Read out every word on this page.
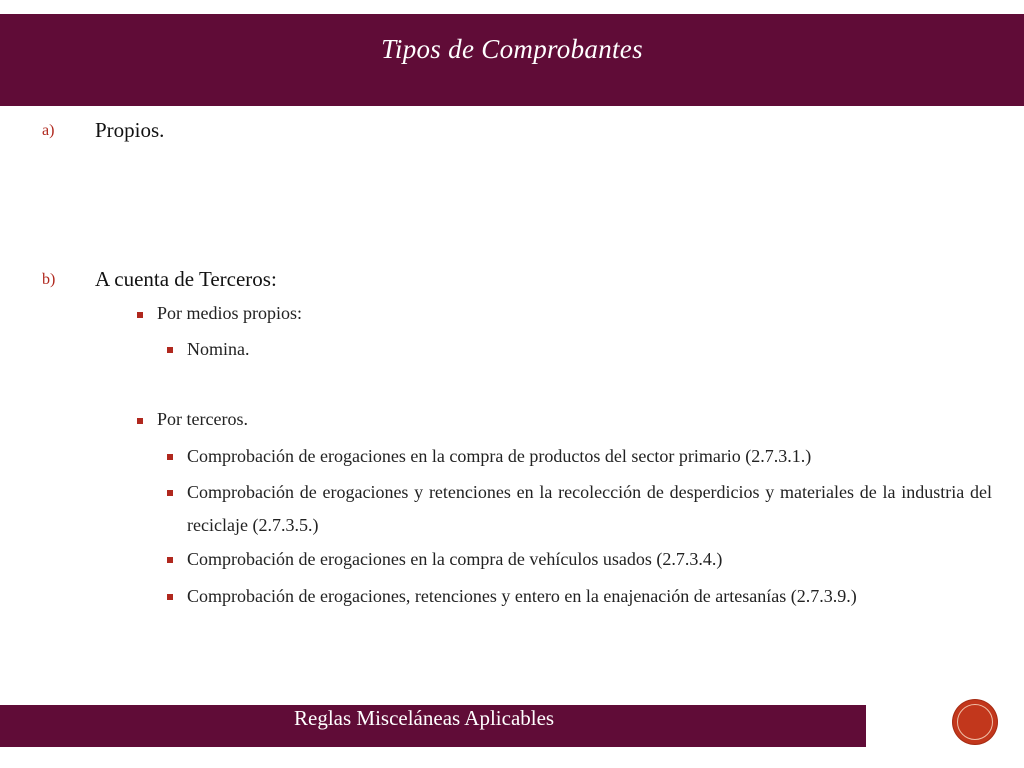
Tipos de Comprobantes
a) Propios.
b) A cuenta de Terceros:
Por medios propios:
Nomina.
Por terceros.
Comprobación de erogaciones en la compra de productos del sector primario (2.7.3.1.)
Comprobación de erogaciones y retenciones en la recolección de desperdicios y materiales de la industria del reciclaje (2.7.3.5.)
Comprobación de erogaciones en la compra de vehículos usados (2.7.3.4.)
Comprobación de erogaciones, retenciones y entero en la enajenación de artesanías (2.7.3.9.)
Reglas Misceláneas Aplicables
